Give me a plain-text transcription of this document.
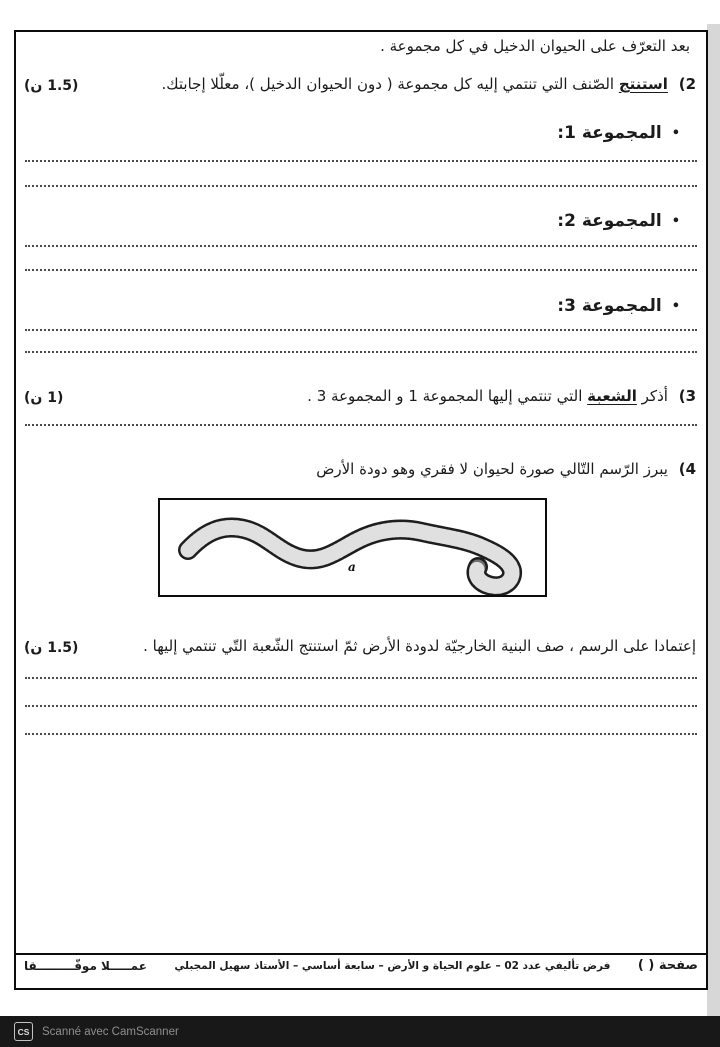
بعد التعرّف على الحيوان الدخيل في كل مجموعة .
2) استنتج الصّنف التي تنتمي إليه كل مجموعة ( دون الحيوان الدخيل )، معلّلا إجابتك.
(1.5 ن)
•
المجموعة 1:
•
المجموعة 2:
•
المجموعة 3:
3) أذكر الشعبة التي تنتمي إليها المجموعة 1 و المجموعة 3 .
(1 ن)
4) يبرز الرّسم التّالي صورة لحيوان لا فقري وهو دودة الأرض
a
إعتمادا على الرسم ، صف البنية الخارجيّة لدودة الأرض ثمّ استنتج الشّعبة التّي تنتمي إليها .
(1.5 ن)
صفحة ( )
فرض تأليفي عدد 02 – علوم الحياة و الأرض – سابعة أساسي – الأستاذ سهيل المجبلي
عمـــــلا موفّـــــــــقا
CS	Scanné avec CamScanner
